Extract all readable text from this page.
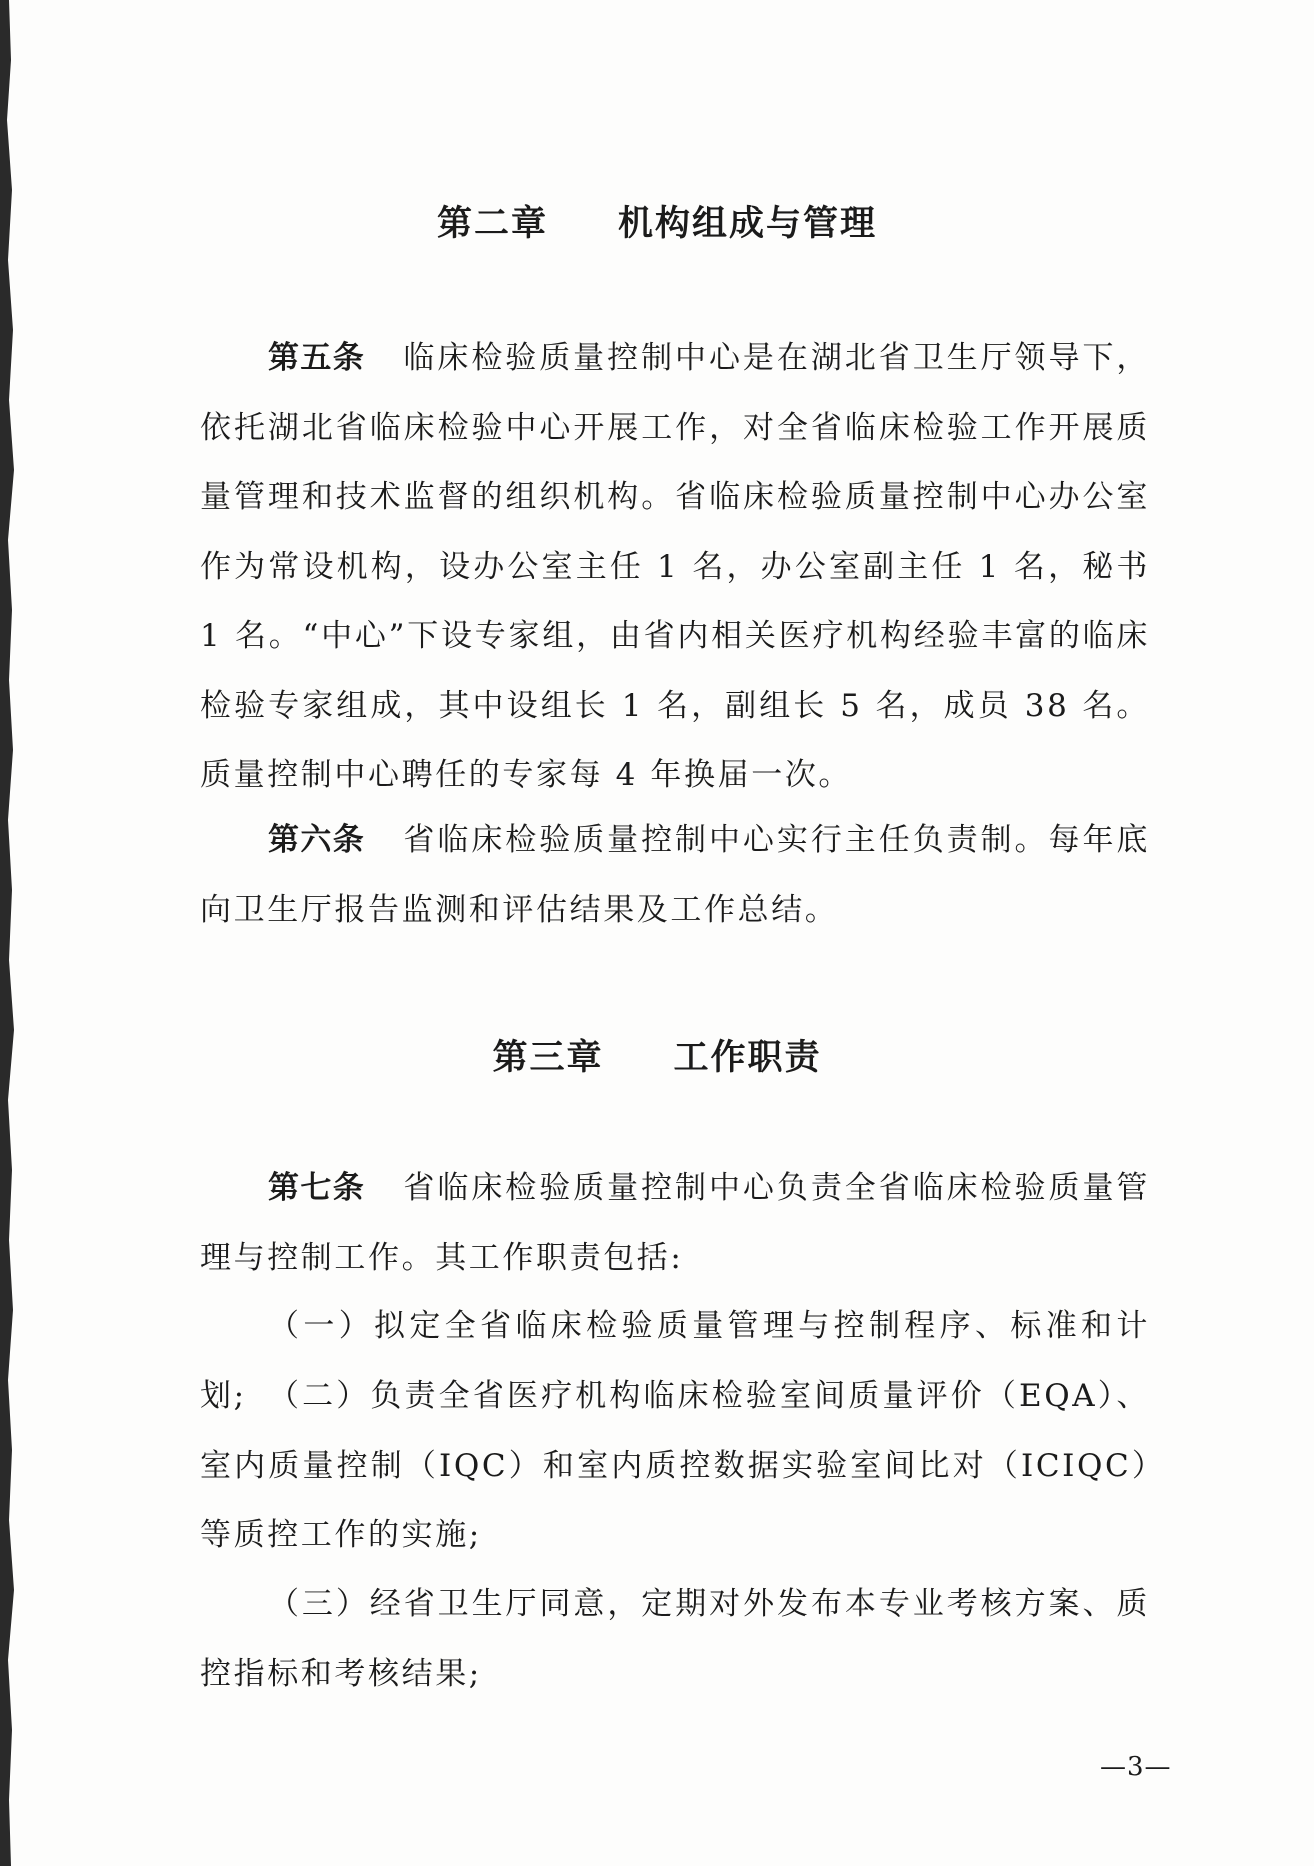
第二章 机构组成与管理

第五条 临床检验质量控制中心是在湖北省卫生厅领导下，依托湖北省临床检验中心开展工作，对全省临床检验工作开展质量管理和技术监督的组织机构。省临床检验质量控制中心办公室作为常设机构，设办公室主任 1 名，办公室副主任 1 名，秘书 1 名。“中心”下设专家组，由省内相关医疗机构经验丰富的临床检验专家组成，其中设组长 1 名，副组长 5 名，成员 38 名。质量控制中心聘任的专家每 4 年换届一次。

第六条 省临床检验质量控制中心实行主任负责制。每年底向卫生厅报告监测和评估结果及工作总结。

第三章 工作职责

第七条 省临床检验质量控制中心负责全省临床检验质量管理与控制工作。其工作职责包括:

（一）拟定全省临床检验质量管理与控制程序、标准和计划; （二）负责全省医疗机构临床检验室间质量评价（EQA）、室内质量控制（IQC）和室内质控数据实验室间比对（ICIQC）等质控工作的实施;

（三）经省卫生厅同意，定期对外发布本专业考核方案、质控指标和考核结果;

—3—
